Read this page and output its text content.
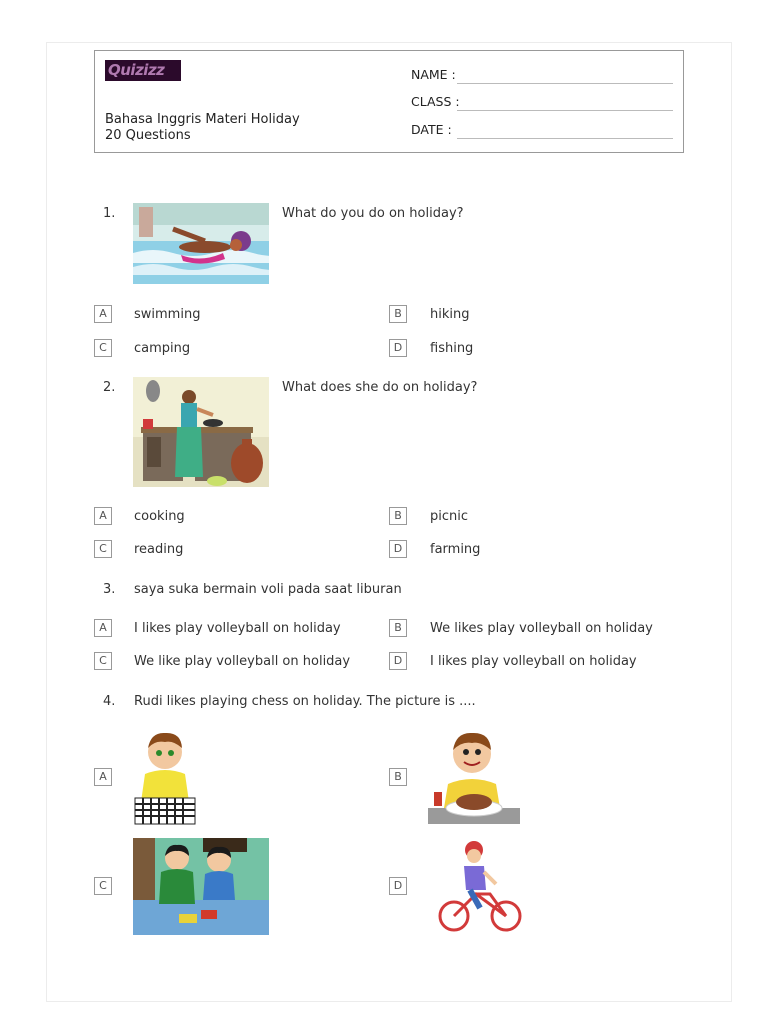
Quizizz
Bahasa Inggris Materi Holiday
20 Questions
NAME :
CLASS :
DATE :
1.	What do you do on holiday?
A	swimming	B	hiking
C	camping	D	fishing
2.	What does she do on holiday?
A	cooking	B	picnic
C	reading	D	farming
3. saya suka bermain voli pada saat liburan
A	I likes play volleyball on holiday	B	We likes play volleyball on holiday
C	We like play volleyball on holiday	D	I likes play volleyball on holiday
4. Rudi likes playing chess on holiday. The picture is ....
A	B
C	D
